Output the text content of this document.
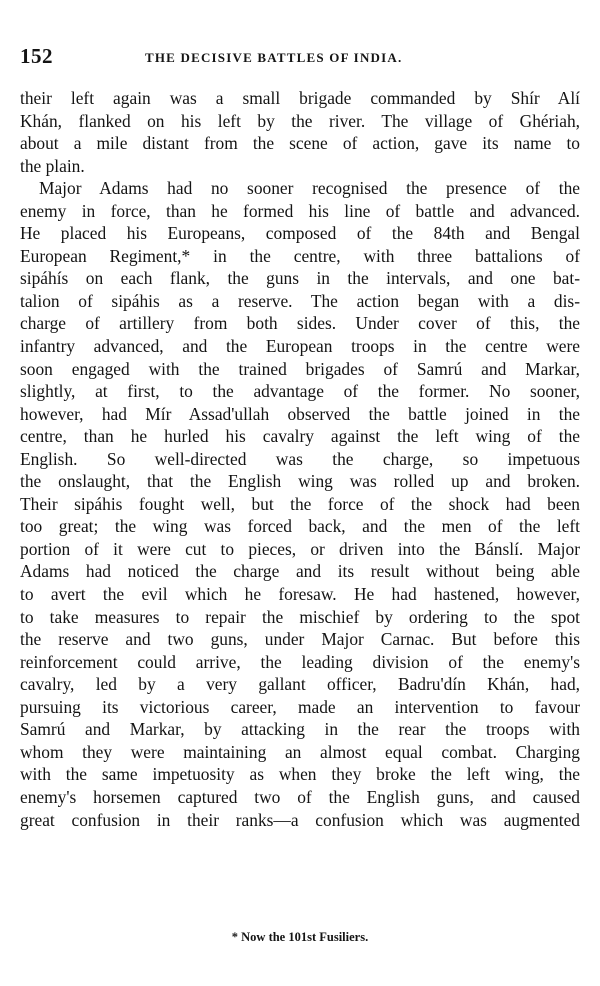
152	THE DECISIVE BATTLES OF INDIA.
their left again was a small brigade commanded by Shír Alí
Khán, flanked on his left by the river. The village of Ghériah,
about a mile distant from the scene of action, gave its name to
the plain.
Major Adams had no sooner recognised the presence of the
enemy in force, than he formed his line of battle and advanced.
He placed his Europeans, composed of the 84th and Bengal
European Regiment,* in the centre, with three battalions of
sipáhís on each flank, the guns in the intervals, and one bat-
talion of sipáhis as a reserve. The action began with a dis-
charge of artillery from both sides. Under cover of this, the
infantry advanced, and the European troops in the centre were
soon engaged with the trained brigades of Samrú and Markar,
slightly, at first, to the advantage of the former. No sooner,
however, had Mír Assad'ullah observed the battle joined in the
centre, than he hurled his cavalry against the left wing of the
English. So well-directed was the charge, so impetuous
the onslaught, that the English wing was rolled up and broken.
Their sipáhis fought well, but the force of the shock had been
too great; the wing was forced back, and the men of the left
portion of it were cut to pieces, or driven into the Bánslí. Major
Adams had noticed the charge and its result without being able
to avert the evil which he foresaw. He had hastened, however,
to take measures to repair the mischief by ordering to the spot
the reserve and two guns, under Major Carnac. But before this
reinforcement could arrive, the leading division of the enemy's
cavalry, led by a very gallant officer, Badru'dín Khán, had,
pursuing its victorious career, made an intervention to favour
Samrú and Markar, by attacking in the rear the troops with
whom they were maintaining an almost equal combat. Charging
with the same impetuosity as when they broke the left wing, the
enemy's horsemen captured two of the English guns, and caused
great confusion in their ranks—a confusion which was augmented
* Now the 101st Fusiliers.
